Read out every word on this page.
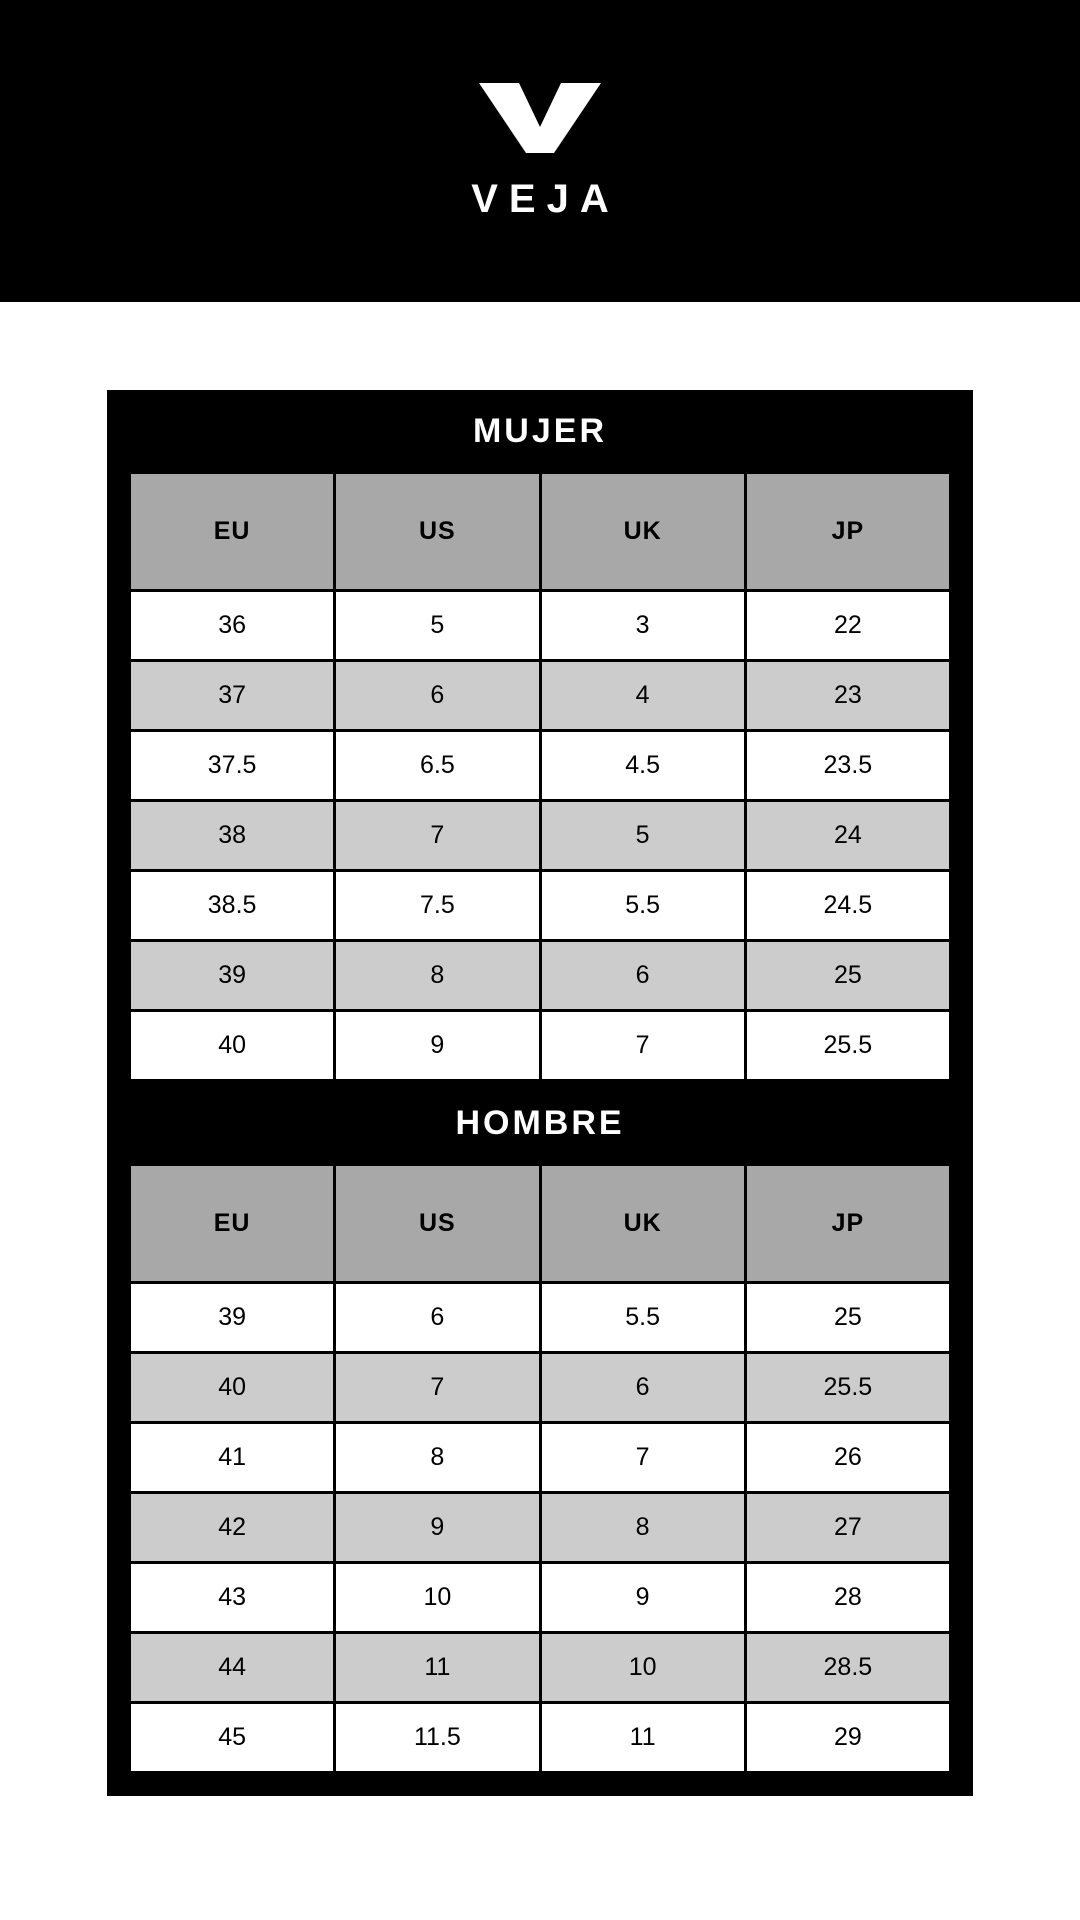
VEJA
MUJER
EU	US	UK	JP
36	5	3	22
37	6	4	23
37.5	6.5	4.5	23.5
38	7	5	24
38.5	7.5	5.5	24.5
39	8	6	25
40	9	7	25.5
HOMBRE
EU	US	UK	JP
39	6	5.5	25
40	7	6	25.5
41	8	7	26
42	9	8	27
43	10	9	28
44	11	10	28.5
45	11.5	11	29
